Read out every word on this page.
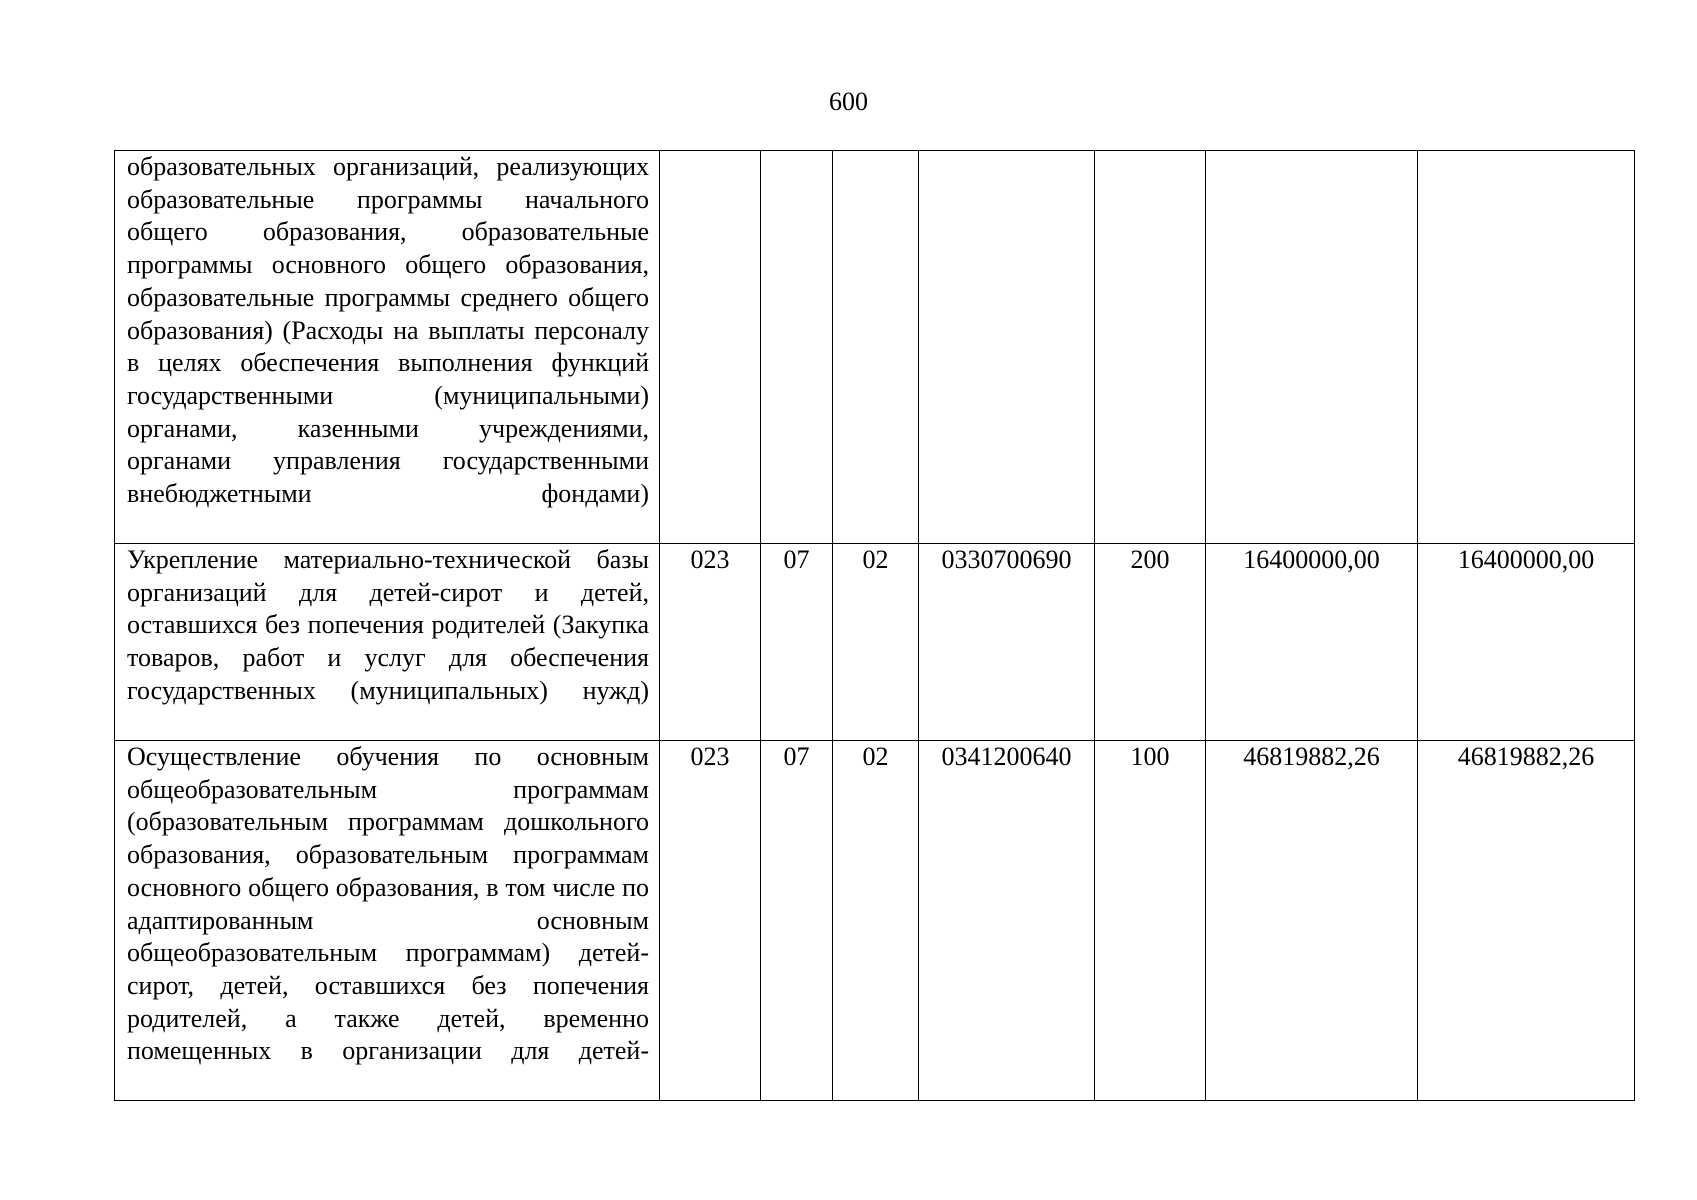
600
образовательных организаций, реализующих образовательные программы начального общего образования, образовательные программы основного общего образования, образовательные программы среднего общего образования) (Расходы на выплаты персоналу в целях обеспечения выполнения функций государственными (муниципальными) органами, казенными учреждениями, органами управления государственными внебюджетными фондами)							

Укрепление материально-технической базы организаций для детей-сирот и детей, оставшихся без попечения родителей (Закупка товаров, работ и услуг для обеспечения государственных (муниципальных) нужд)	023	07	02	0330700690	200	16400000,00	16400000,00

Осуществление обучения по основным общеобразовательным программам (образовательным программам дошкольного образования, образовательным программам основного общего образования, в том числе по адаптированным основным общеобразовательным программам) детей-сирот, детей, оставшихся без попечения родителей, а также детей, временно помещенных в организации для детей-	023	07	02	0341200640	100	46819882,26	46819882,26
